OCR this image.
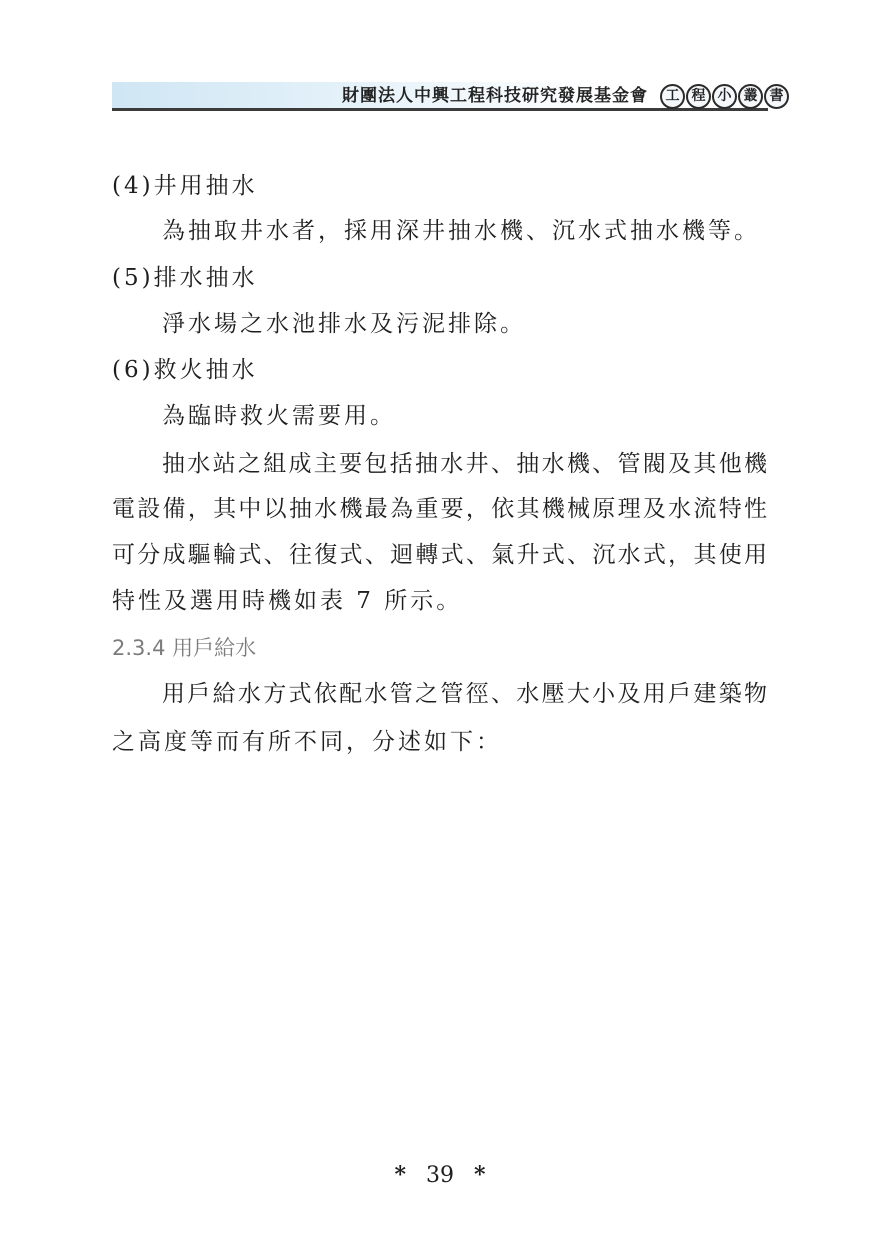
財團法人中興工程科技研究發展基金會	工 程 小 叢 書
(4)井用抽水
為抽取井水者，採用深井抽水機、沉水式抽水機等。
(5)排水抽水
淨水場之水池排水及污泥排除。
(6)救火抽水
為臨時救火需要用。
抽水站之組成主要包括抽水井、抽水機、管閥及其他機
電設備，其中以抽水機最為重要，依其機械原理及水流特性
可分成驅輪式、往復式、迴轉式、氣升式、沉水式，其使用
特性及選用時機如表 7 所示。
2.3.4 用戶給水
用戶給水方式依配水管之管徑、水壓大小及用戶建築物
之高度等而有所不同，分述如下：
* 39 *
